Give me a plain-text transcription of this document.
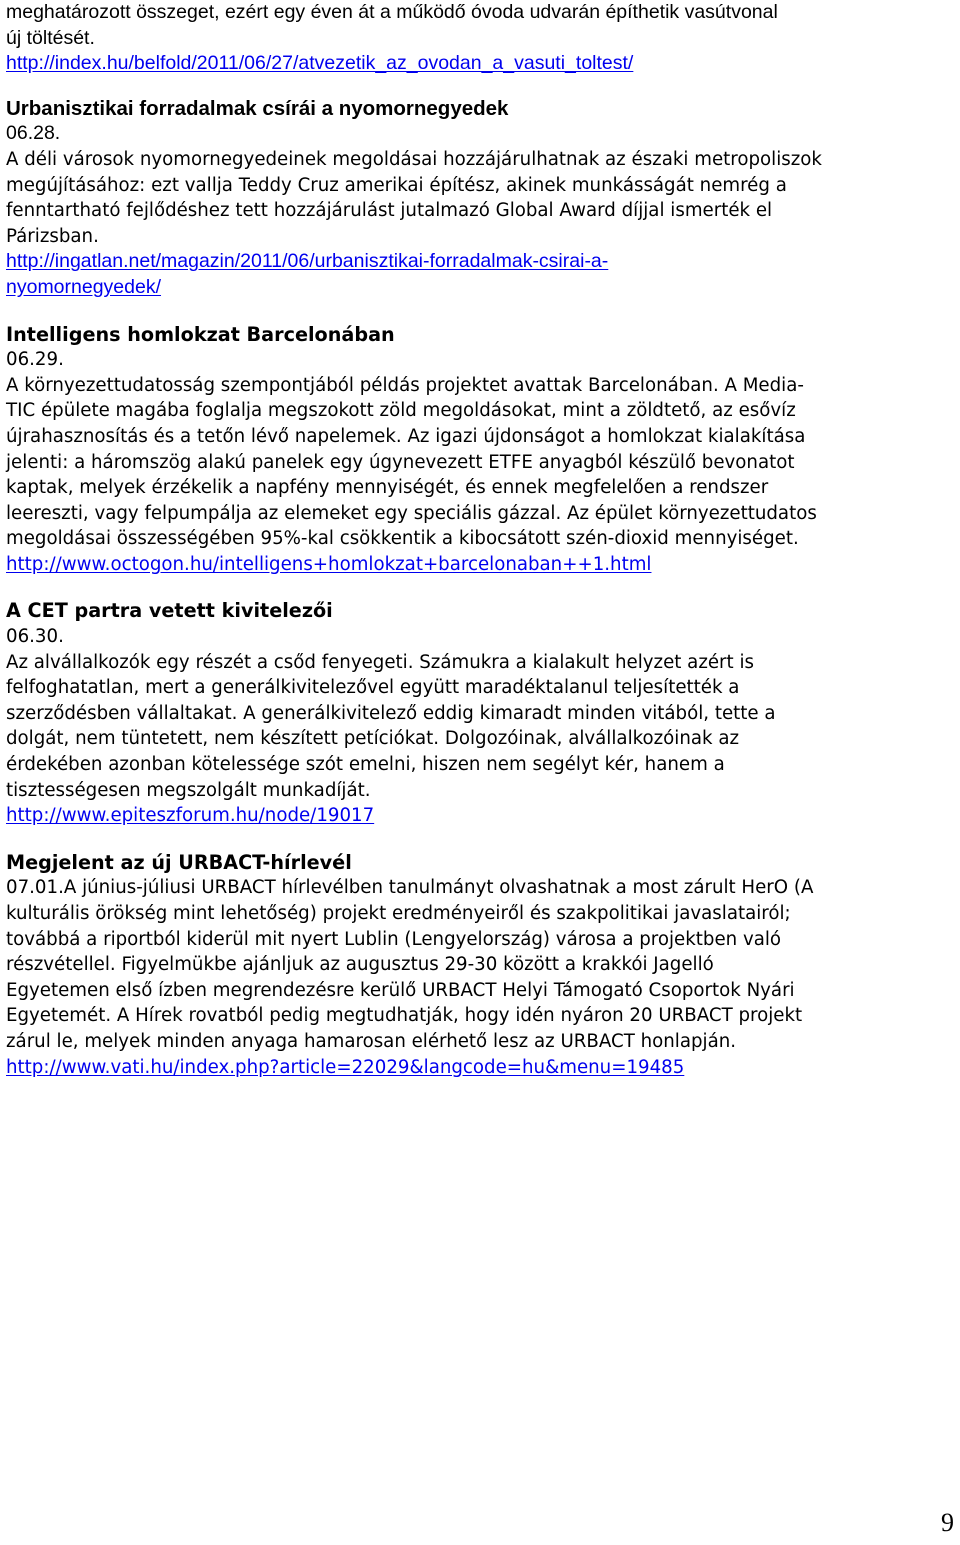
meghatározott összeget, ezért egy éven át a működő óvoda udvarán építhetik vasútvonal
új töltését.
http://index.hu/belfold/2011/06/27/atvezetik_az_ovodan_a_vasuti_toltest/
Urbanisztikai forradalmak csírái a nyomornegyedek
06.28.
A déli városok nyomornegyedeinek megoldásai hozzájárulhatnak az északi metropoliszok
megújításához: ezt vallja Teddy Cruz amerikai építész, akinek munkásságát nemrég a
fenntartható fejlődéshez tett hozzájárulást jutalmazó Global Award díjjal ismerték el
Párizsban.
http://ingatlan.net/magazin/2011/06/urbanisztikai-forradalmak-csirai-a-
nyomornegyedek/
Intelligens homlokzat Barcelonában
06.29.
A környezettudatosság szempontjából példás projektet avattak Barcelonában. A Media-
TIC épülete magába foglalja megszokott zöld megoldásokat, mint a zöldtető, az esővíz
újrahasznosítás és a tetőn lévő napelemek. Az igazi újdonságot a homlokzat kialakítása
jelenti: a háromszög alakú panelek egy úgynevezett ETFE anyagból készülő bevonatot
kaptak, melyek érzékelik a napfény mennyiségét, és ennek megfelelően a rendszer
leereszti, vagy felpumpálja az elemeket egy speciális gázzal. Az épület környezettudatos
megoldásai összességében 95%-kal csökkentik a kibocsátott szén-dioxid mennyiséget.
http://www.octogon.hu/intelligens+homlokzat+barcelonaban++1.html
A CET partra vetett kivitelezői
06.30.
Az alvállalkozók egy részét a csőd fenyegeti. Számukra a kialakult helyzet azért is
felfoghatatlan, mert a generálkivitelezővel együtt maradéktalanul teljesítették a
szerződésben vállaltakat. A generálkivitelező eddig kimaradt minden vitából, tette a
dolgát, nem tüntetett, nem készített petíciókat. Dolgozóinak, alvállalkozóinak az
érdekében azonban kötelessége szót emelni, hiszen nem segélyt kér, hanem a
tisztességesen megszolgált munkadíját.
http://www.epiteszforum.hu/node/19017
Megjelent az új URBACT-hírlevél
07.01.A június-júliusi URBACT hírlevélben tanulmányt olvashatnak a most zárult HerO (A
kulturális örökség mint lehetőség) projekt eredményeiről és szakpolitikai javaslatairól;
továbbá a riportból kiderül mit nyert Lublin (Lengyelország) városa a projektben való
részvétellel. Figyelmükbe ajánljuk az augusztus 29-30 között a krakkói Jagelló
Egyetemen első ízben megrendezésre kerülő URBACT Helyi Támogató Csoportok Nyári
Egyetemét. A Hírek rovatból pedig megtudhatják, hogy idén nyáron 20 URBACT projekt
zárul le, melyek minden anyaga hamarosan elérhető lesz az URBACT honlapján.
http://www.vati.hu/index.php?article=22029&langcode=hu&menu=19485
9
